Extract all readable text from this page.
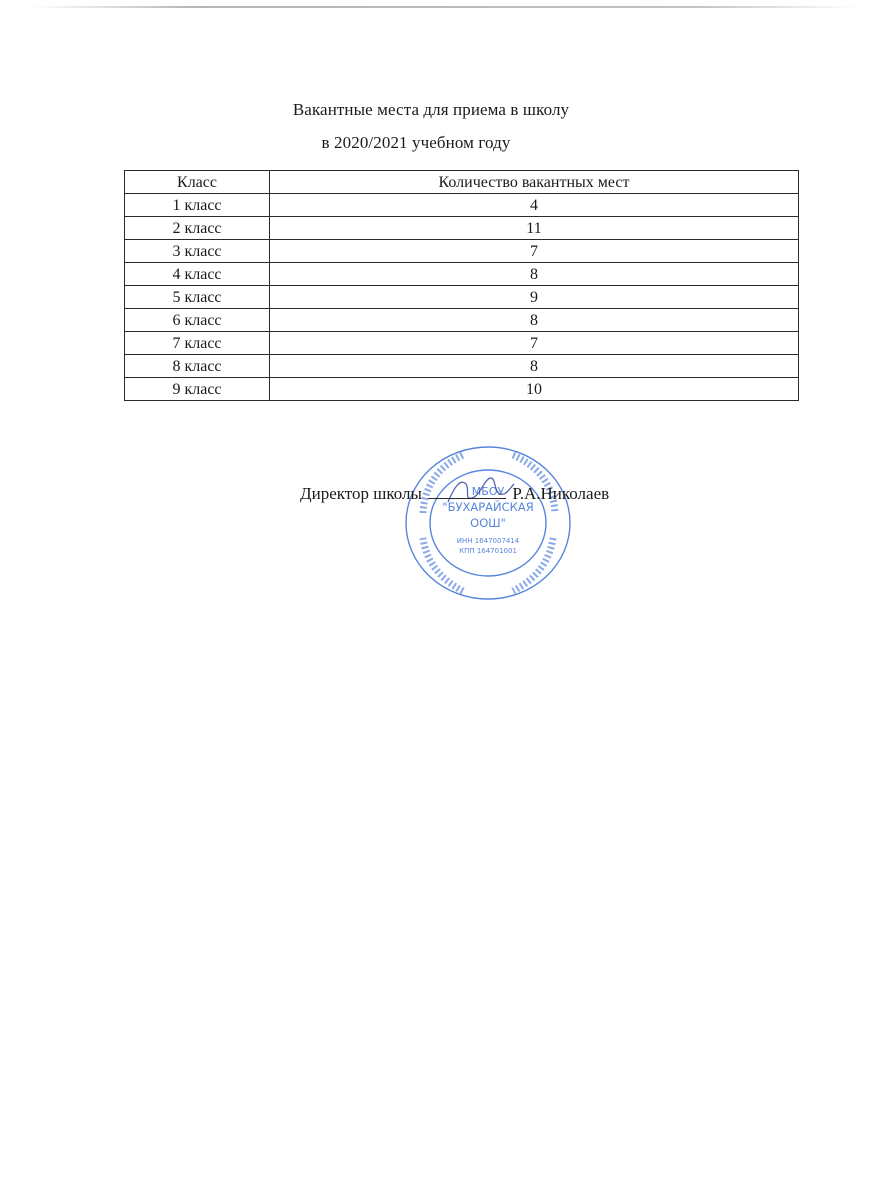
Вакантные места для приема в школу
в 2020/2021 учебном году
Класс	Количество вакантных мест
1 класс	4
2 класс	11
3 класс	7
4 класс	8
5 класс	9
6 класс	8
7 класс	7
8 класс	8
9 класс	10
МБОУ
"БУХАРАЙСКАЯ
ООШ"
ИНН 1647007414
КПП 164701001
Директор школы	Р.А.Николаев
